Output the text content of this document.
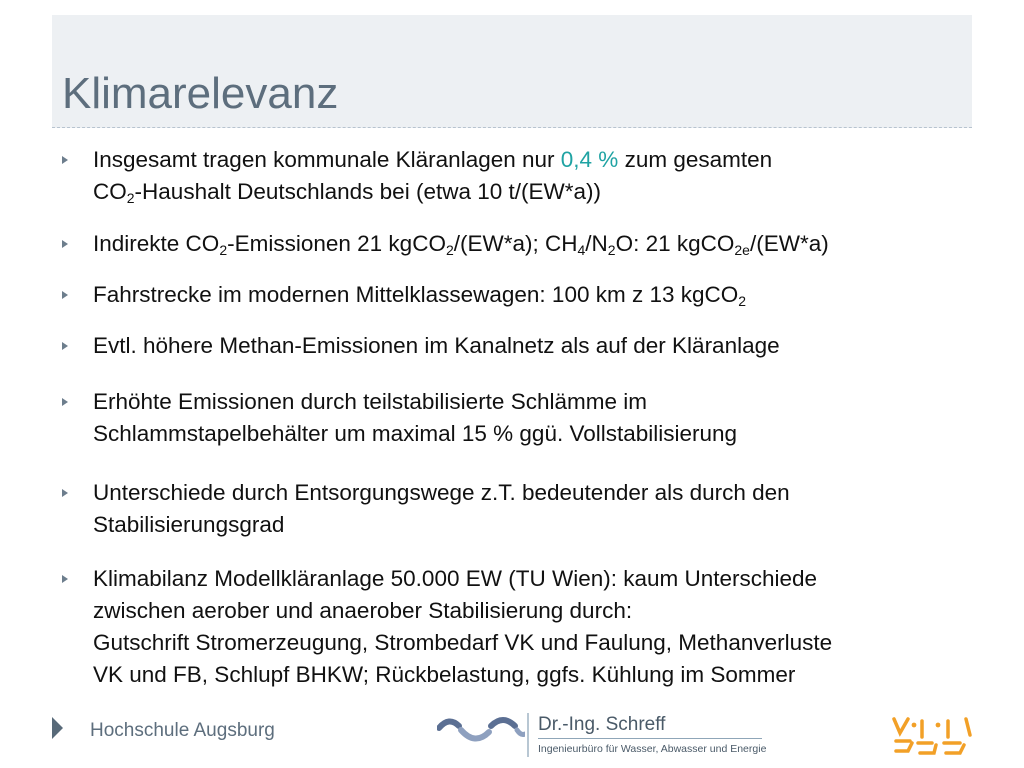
Klimarelevanz
Insgesamt tragen kommunale Kläranlagen nur 0,4 % zum gesamten
$CO_2$-Haushalt Deutschlands bei (etwa 10 t/(EW*a))
Indirekte $CO_2$-Emissionen 21 kgCO$_2$/(EW*a); $CH_4/N_2O$: 21 kgCO$_{2e}$/(EW*a)
Fahrstrecke im modernen Mittelklassewagen: 100 km z 13 kgCO$_2$
Evtl. höhere Methan-Emissionen im Kanalnetz als auf der Kläranlage
Erhöhte Emissionen durch teilstabilisierte Schlämme im
Schlammstapelbehälter um maximal 15 % ggü. Vollstabilisierung
Unterschiede durch Entsorgungswege z.T. bedeutender als durch den
Stabilisierungsgrad
Klimabilanz Modellkläranlage 50.000 EW (TU Wien): kaum Unterschiede
zwischen aerober und anaerober Stabilisierung durch:
Gutschrift Stromerzeugung, Strombedarf VK und Faulung, Methanverluste
VK und FB, Schlupf BHKW; Rückbelastung, ggfs. Kühlung im Sommer
Hochschule Augsburg	Dr.-Ing. Schreff
Ingenieurbüro für Wasser, Abwasser und Energie
